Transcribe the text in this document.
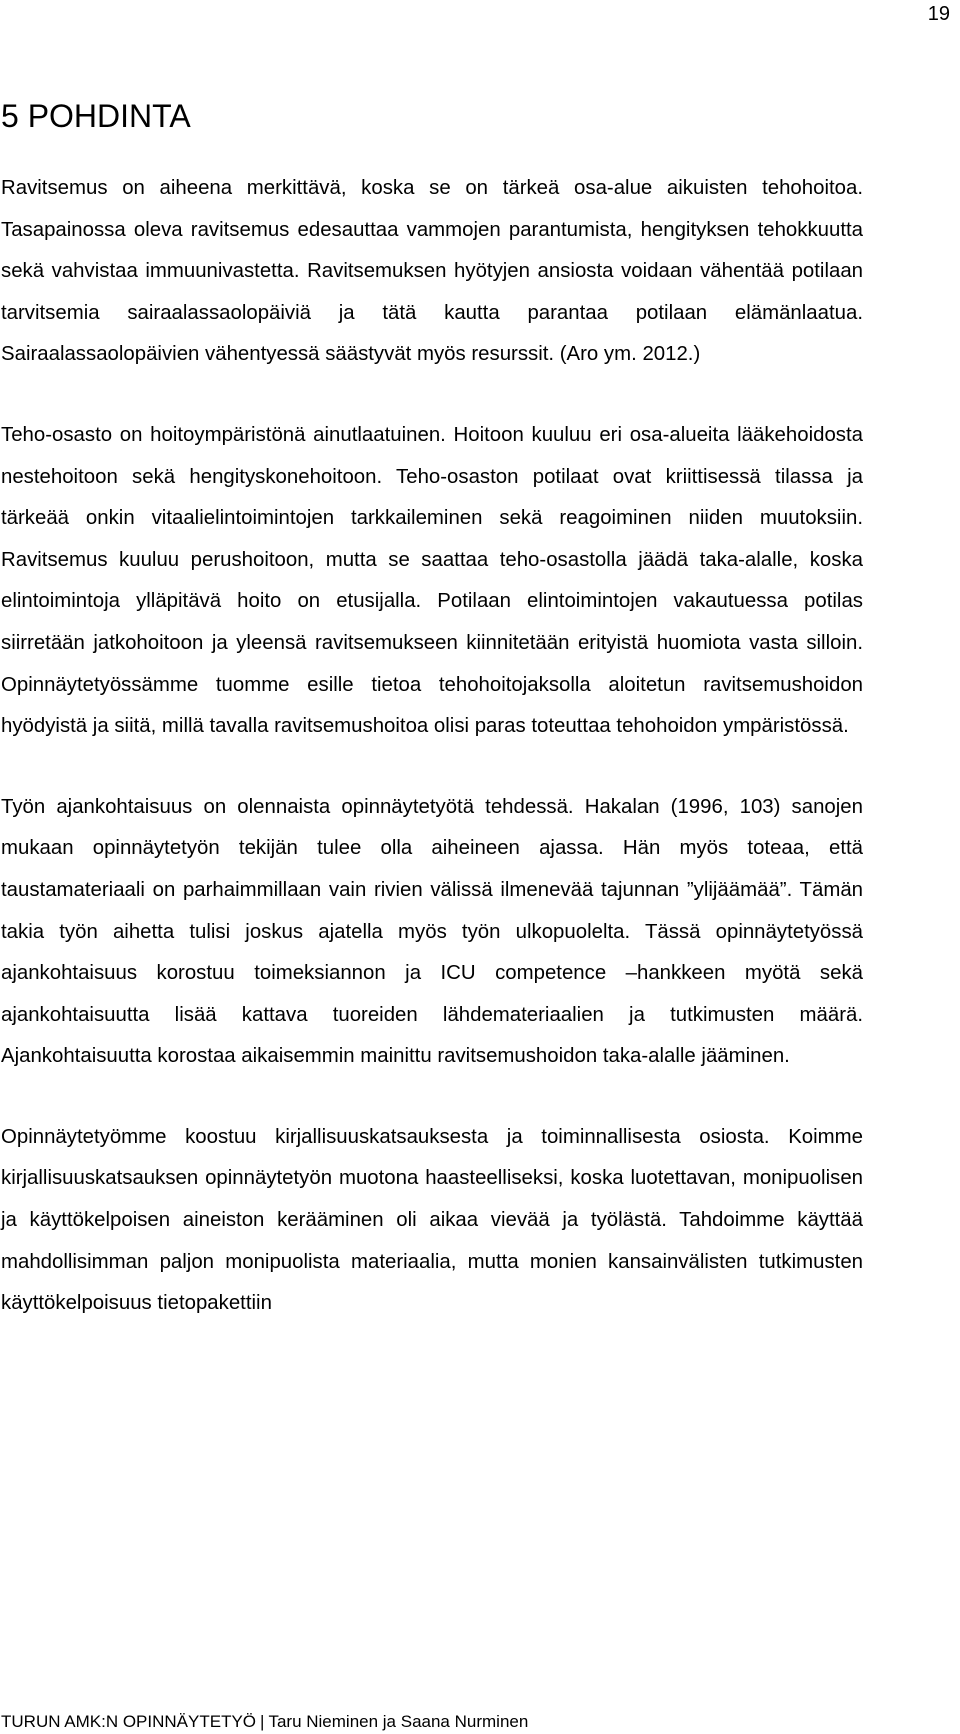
19
5 POHDINTA

Ravitsemus on aiheena merkittävä, koska se on tärkeä osa-alue aikuisten tehohoitoa. Tasapainossa oleva ravitsemus edesauttaa vammojen parantumista, hengityksen tehokkuutta sekä vahvistaa immuunivastetta. Ravitsemuksen hyötyjen ansiosta voidaan vähentää potilaan tarvitsemia sairaalassaolopäiviä ja tätä kautta parantaa potilaan elämänlaatua. Sairaalassaolopäivien vähentyessä säästyvät myös resurssit. (Aro ym. 2012.)

Teho-osasto on hoitoympäristönä ainutlaatuinen. Hoitoon kuuluu eri osa-alueita lääkehoidosta nestehoitoon sekä hengityskonehoitoon. Teho-osaston potilaat ovat kriittisessä tilassa ja tärkeää onkin vitaalielintoimintojen tarkkaileminen sekä reagoiminen niiden muutoksiin. Ravitsemus kuuluu perushoitoon, mutta se saattaa teho-osastolla jäädä taka-alalle, koska elintoimintoja ylläpitävä hoito on etusijalla. Potilaan elintoimintojen vakautuessa potilas siirretään jatkohoitoon ja yleensä ravitsemukseen kiinnitetään erityistä huomiota vasta silloin. Opinnäytetyössämme tuomme esille tietoa tehohoitojaksolla aloitetun ravitsemushoidon hyödyistä ja siitä, millä tavalla ravitsemushoitoa olisi paras toteuttaa tehohoidon ympäristössä.

Työn ajankohtaisuus on olennaista opinnäytetyötä tehdessä. Hakalan (1996, 103) sanojen mukaan opinnäytetyön tekijän tulee olla aiheineen ajassa. Hän myös toteaa, että taustamateriaali on parhaimmillaan vain rivien välissä ilmenevää tajunnan ”ylijäämää”. Tämän takia työn aihetta tulisi joskus ajatella myös työn ulkopuolelta. Tässä opinnäytetyössä ajankohtaisuus korostuu toimeksiannon ja ICU competence –hankkeen myötä sekä ajankohtaisuutta lisää kattava tuoreiden lähdemateriaalien ja tutkimusten määrä. Ajankohtaisuutta korostaa aikaisemmin mainittu ravitsemushoidon taka-alalle jääminen.

Opinnäytetyömme koostuu kirjallisuuskatsauksesta ja toiminnallisesta osiosta. Koimme kirjallisuuskatsauksen opinnäytetyön muotona haasteelliseksi, koska luotettavan, monipuolisen ja käyttökelpoisen aineiston kerääminen oli aikaa vievää ja työlästä. Tahdoimme käyttää mahdollisimman paljon monipuolista materiaalia, mutta monien kansainvälisten tutkimusten käyttökelpoisuus tietopakettiin

TURUN AMK:N OPINNÄYTETYÖ | Taru Nieminen ja Saana Nurminen
